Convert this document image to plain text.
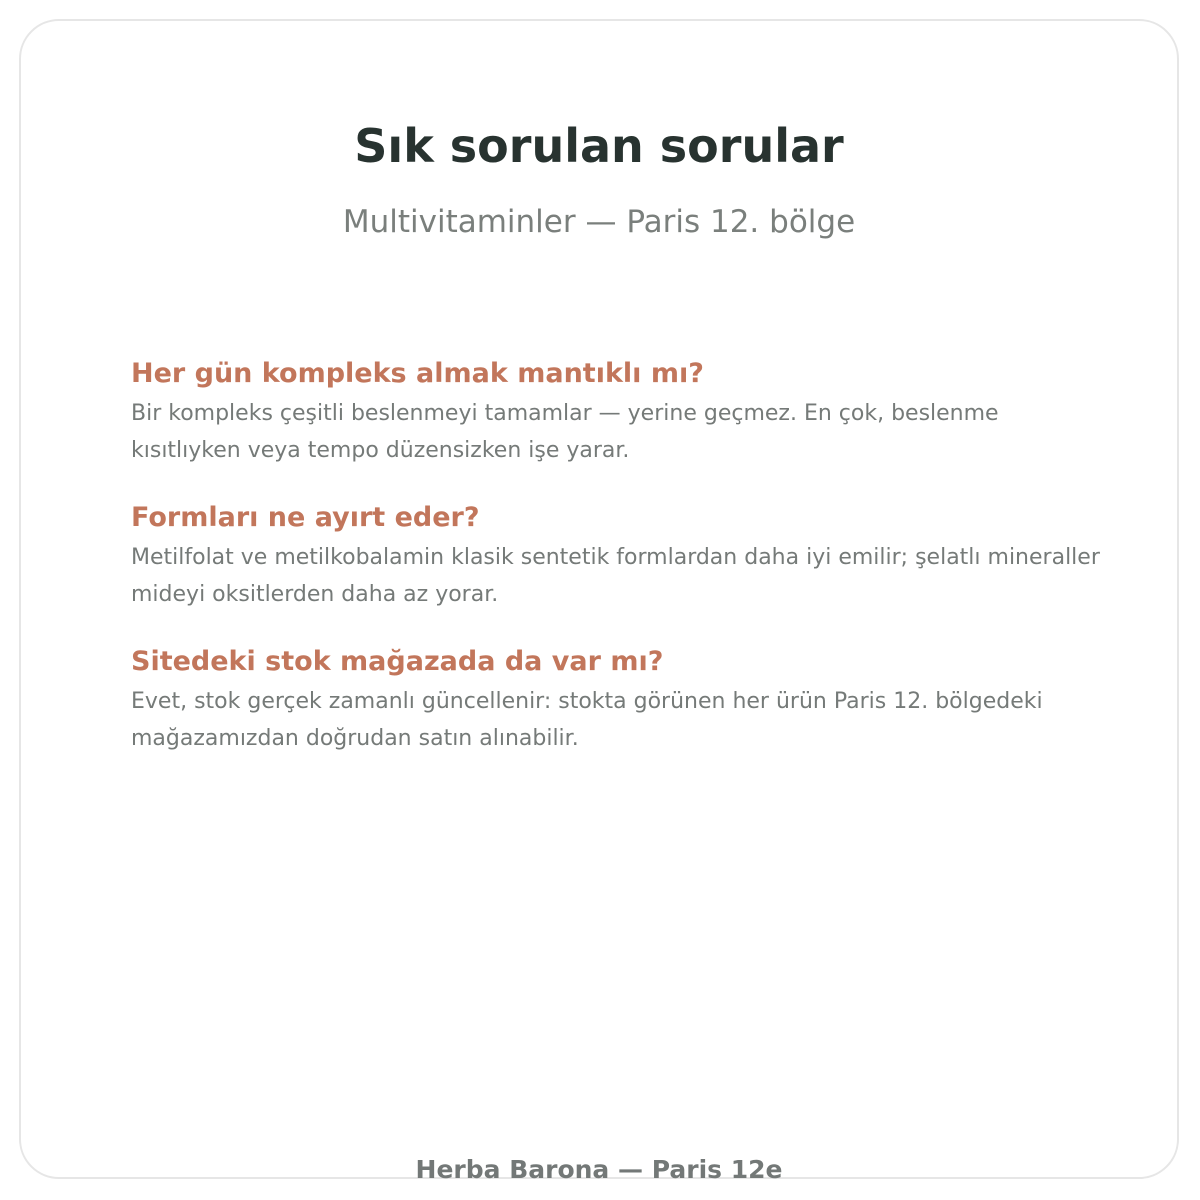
Sık sorulan sorular

Multivitaminler — Paris 12. bölge

Her gün kompleks almak mantıklı mı?

Bir kompleks çeşitli beslenmeyi tamamlar — yerine geçmez. En çok, beslenme kısıtlıyken veya tempo düzensizken işe yarar.

Formları ne ayırt eder?

Metilfolat ve metilkobalamin klasik sentetik formlardan daha iyi emilir; şelatlı mineraller mideyi oksitlerden daha az yorar.

Sitedeki stok mağazada da var mı?

Evet, stok gerçek zamanlı güncellenir: stokta görünen her ürün Paris 12. bölgedeki mağazamızdan doğrudan satın alınabilir.

Herba Barona — Paris 12e
